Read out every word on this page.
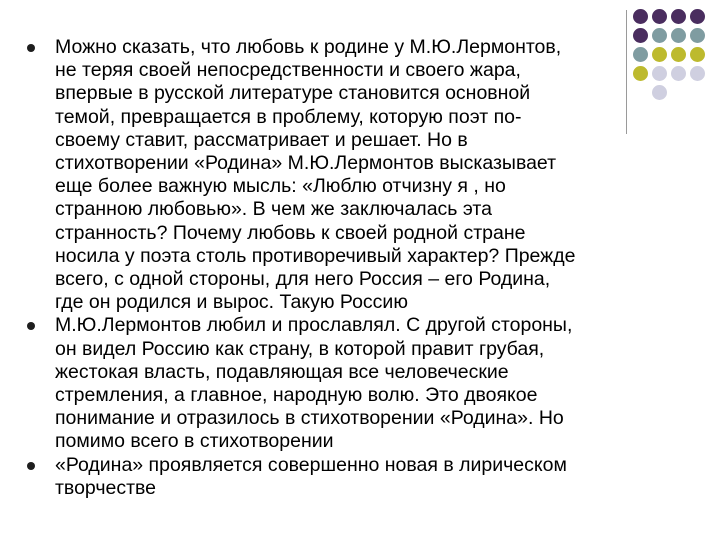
Можно сказать, что любовь к родине у М.Ю.Лермонтов,
не теряя своей непосредственности и своего жара,
впервые в русской литературе становится основной
темой, превращается в проблему, которую поэт по-
своему ставит, рассматривает и решает. Но в
стихотворении «Родина» М.Ю.Лермонтов высказывает
еще более важную мысль: «Люблю отчизну я , но
странною любовью». В чем же заключалась эта
странность? Почему любовь к своей родной стране
носила у поэта столь противоречивый характер? Прежде
всего, с одной стороны, для него Россия – его Родина,
где он родился и вырос. Такую Россию
М.Ю.Лермонтов любил и прославлял. С другой стороны,
он видел Россию как страну, в которой правит грубая,
жестокая власть, подавляющая все человеческие
стремления, а главное, народную волю. Это двоякое
понимание и отразилось в стихотворении «Родина». Но
помимо всего в стихотворении
«Родина» проявляется совершенно новая в лирическом
творчестве
